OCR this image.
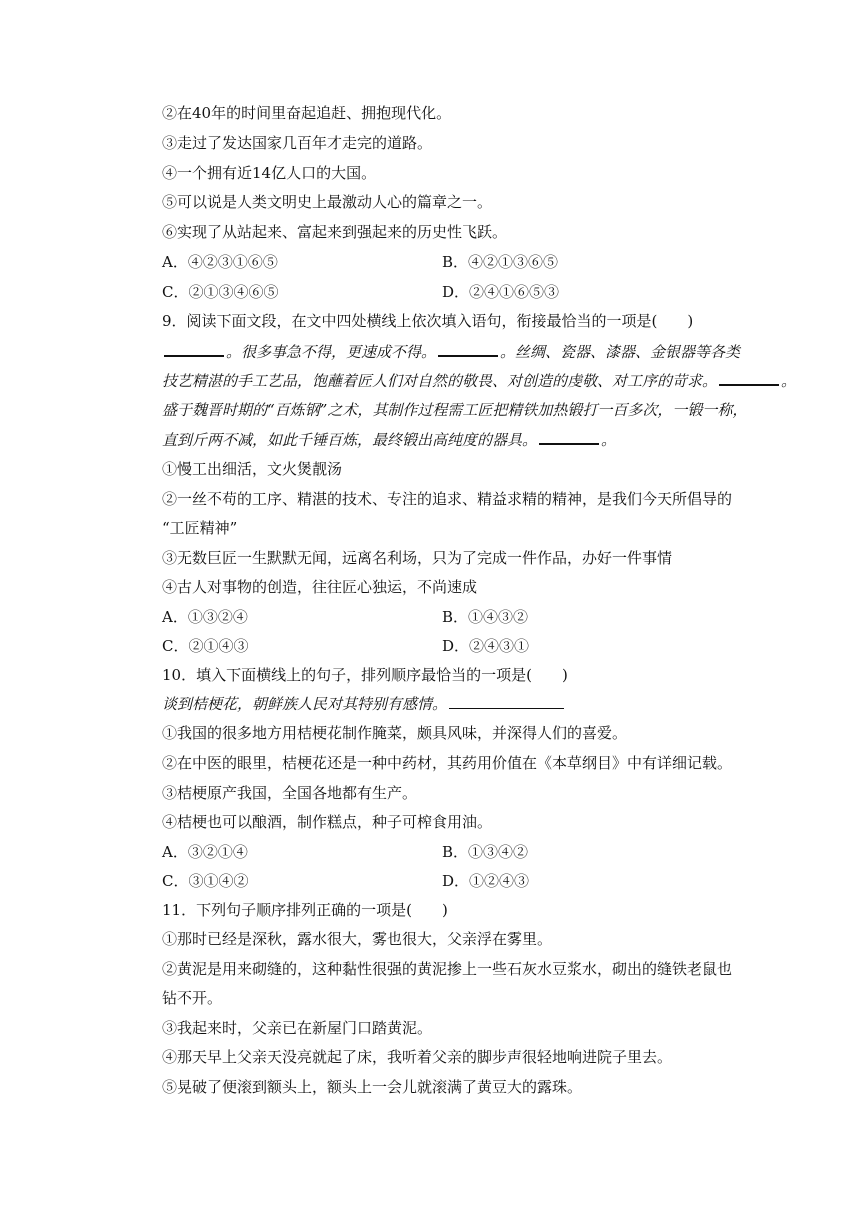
②在40年的时间里奋起追赶、拥抱现代化。
③走过了发达国家几百年才走完的道路。
④一个拥有近14亿人口的大国。
⑤可以说是人类文明史上最激动人心的篇章之一。
⑥实现了从站起来、富起来到强起来的历史性飞跃。
A．④②③①⑥⑤	B．④②①③⑥⑤
C．②①③④⑥⑤	D．②④①⑥⑤③
9．阅读下面文段，在文中四处横线上依次填入语句，衔接最恰当的一项是(　　)
。很多事急不得，更速成不得。	。丝绸、瓷器、漆器、金银器等各类
技艺精湛的手工艺品，饱蘸着匠人们对自然的敬畏、对创造的虔敬、对工序的苛求。	。
盛于魏晋时期的“百炼钢”之术，其制作过程需工匠把精铁加热锻打一百多次，一锻一称，
直到斤两不减，如此千锤百炼，最终锻出高纯度的器具。	。
①慢工出细活，文火煲靓汤
②一丝不苟的工序、精湛的技术、专注的追求、精益求精的精神，是我们今天所倡导的
“工匠精神”
③无数巨匠一生默默无闻，远离名利场，只为了完成一件作品，办好一件事情
④古人对事物的创造，往往匠心独运，不尚速成
A．①③②④	B．①④③②
C．②①④③	D．②④③①
10．填入下面横线上的句子，排列顺序最恰当的一项是(　　)
谈到桔梗花，朝鲜族人民对其特别有感情。
①我国的很多地方用桔梗花制作腌菜，颇具风味，并深得人们的喜爱。
②在中医的眼里，桔梗花还是一种中药材，其药用价值在《本草纲目》中有详细记载。
③桔梗原产我国，全国各地都有生产。
④桔梗也可以酿酒，制作糕点，种子可榨食用油。
A．③②①④	B．①③④②
C．③①④②	D．①②④③
11．下列句子顺序排列正确的一项是(　　)
①那时已经是深秋，露水很大，雾也很大，父亲浮在雾里。
②黄泥是用来砌缝的，这种黏性很强的黄泥掺上一些石灰水豆浆水，砌出的缝铁老鼠也
钻不开。
③我起来时，父亲已在新屋门口踏黄泥。
④那天早上父亲天没亮就起了床，我听着父亲的脚步声很轻地响进院子里去。
⑤晃破了便滚到额头上，额头上一会儿就滚满了黄豆大的露珠。
